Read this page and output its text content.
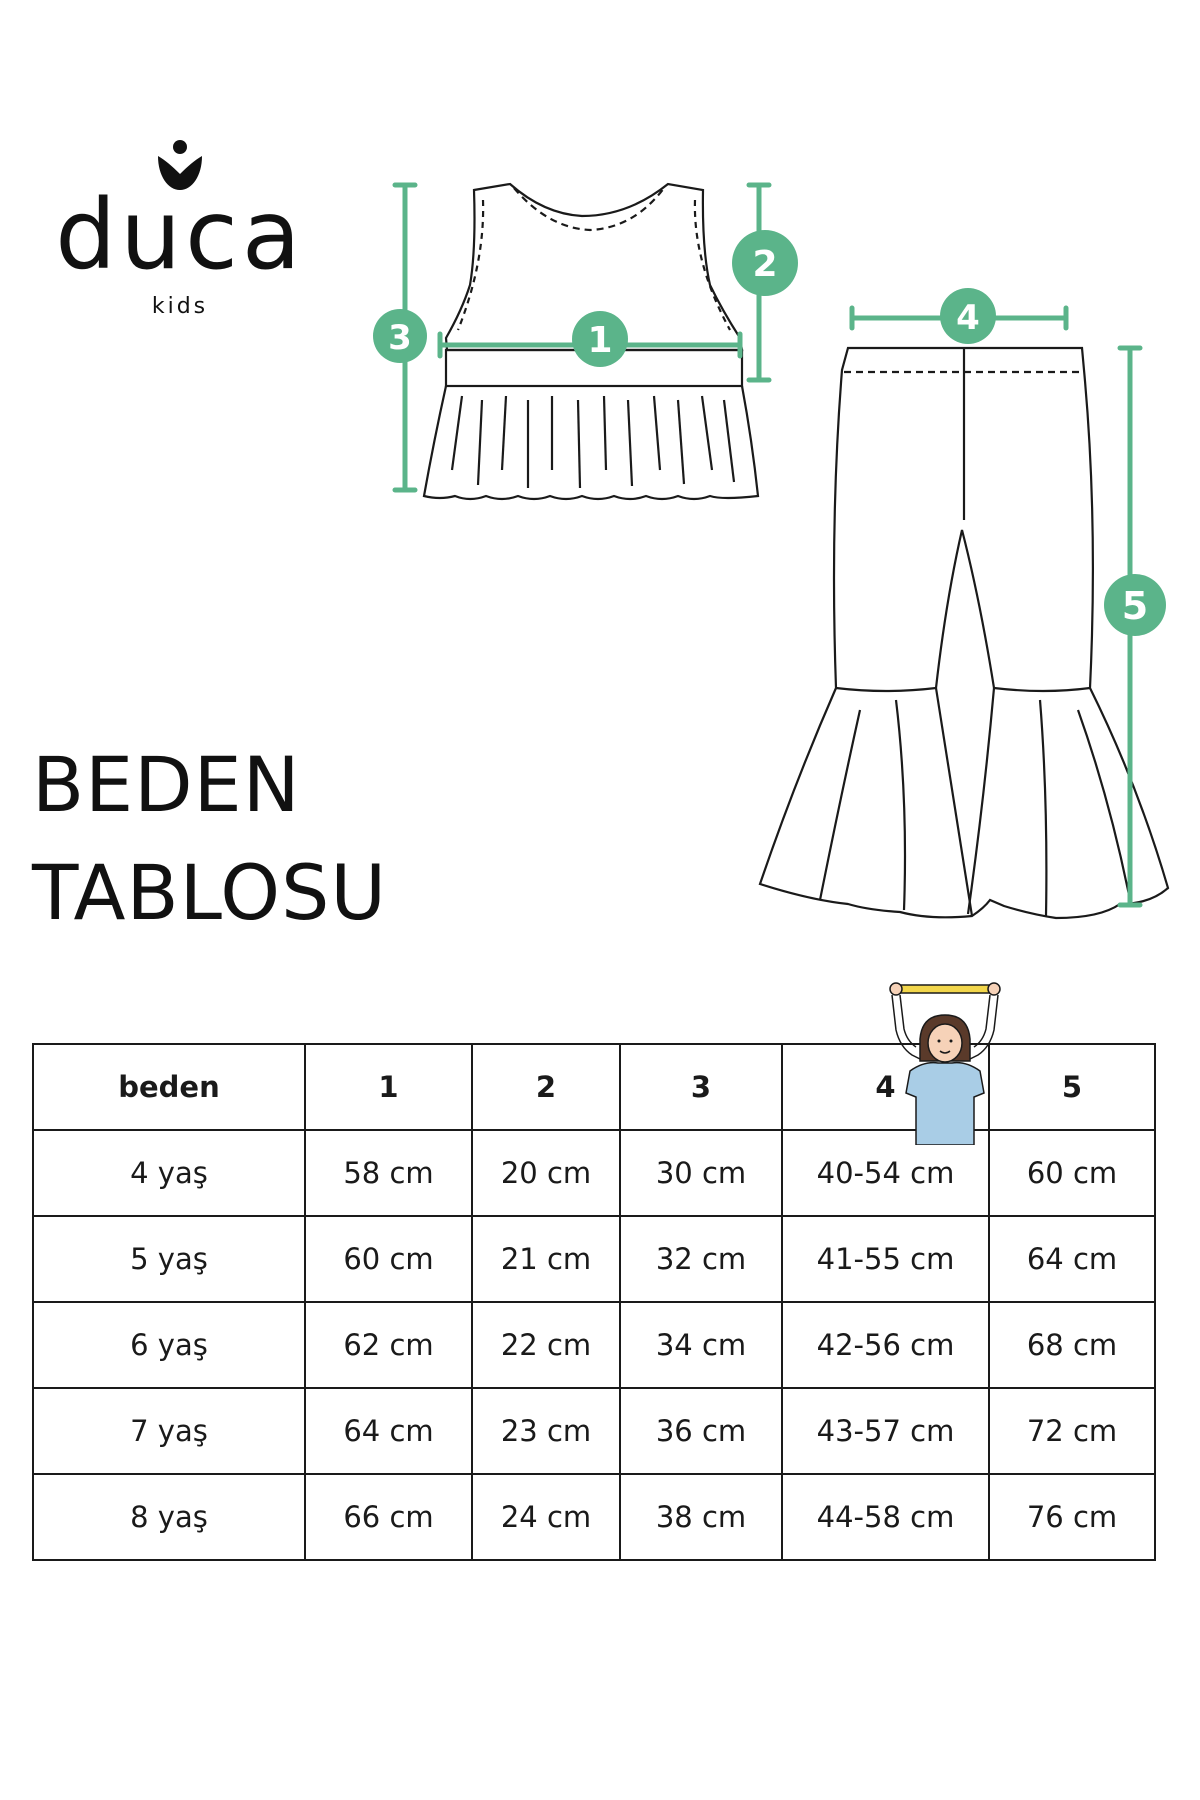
duca
kids
1
2
3	4
5
BEDEN
TABLOSU
beden	1	2	3	4	5
4 yaş	58 cm	20 cm	30 cm	40-54 cm	60 cm
5 yaş	60 cm	21 cm	32 cm	41-55 cm	64 cm
6 yaş	62 cm	22 cm	34 cm	42-56 cm	68 cm
7 yaş	64 cm	23 cm	36 cm	43-57 cm	72 cm
8 yaş	66 cm	24 cm	38 cm	44-58 cm	76 cm
